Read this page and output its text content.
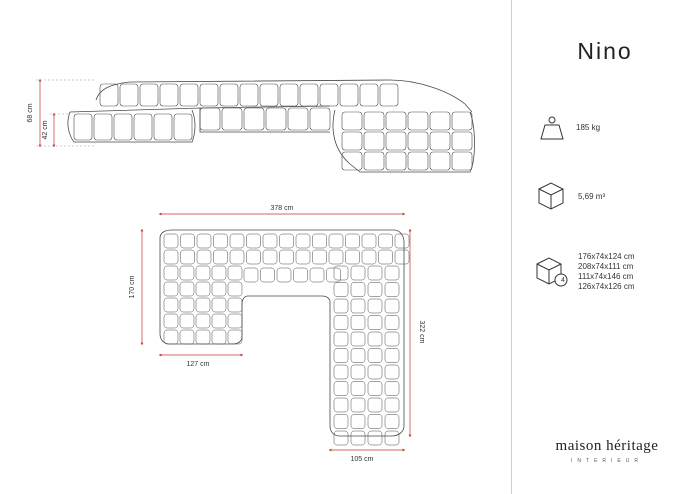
68 cm
42 cm
378 cm
170 cm
127 cm
322 cm
105 cm
Nino
185 kg
5,69 m³
4
176x74x124 cm
208x74x111 cm
111x74x146 cm
126x74x126 cm
maison héritage
INTERIEUR
